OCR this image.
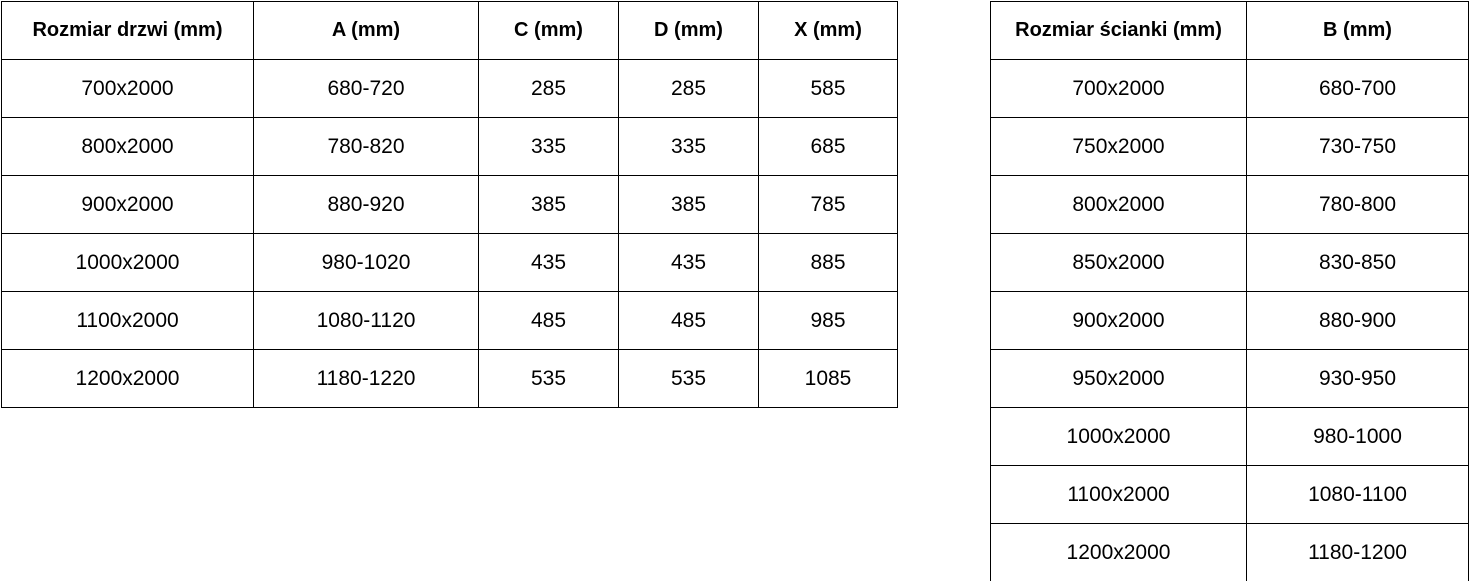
Rozmiar drzwi (mm)	A (mm)	C (mm)	D (mm)	X (mm)
700x2000	680-720	285	285	585
800x2000	780-820	335	335	685
900x2000	880-920	385	385	785
1000x2000	980-1020	435	435	885
1100x2000	1080-1120	485	485	985
1200x2000	1180-1220	535	535	1085
Rozmiar ścianki (mm)	B (mm)
700x2000	680-700
750x2000	730-750
800x2000	780-800
850x2000	830-850
900x2000	880-900
950x2000	930-950
1000x2000	980-1000
1100x2000	1080-1100
1200x2000	1180-1200
